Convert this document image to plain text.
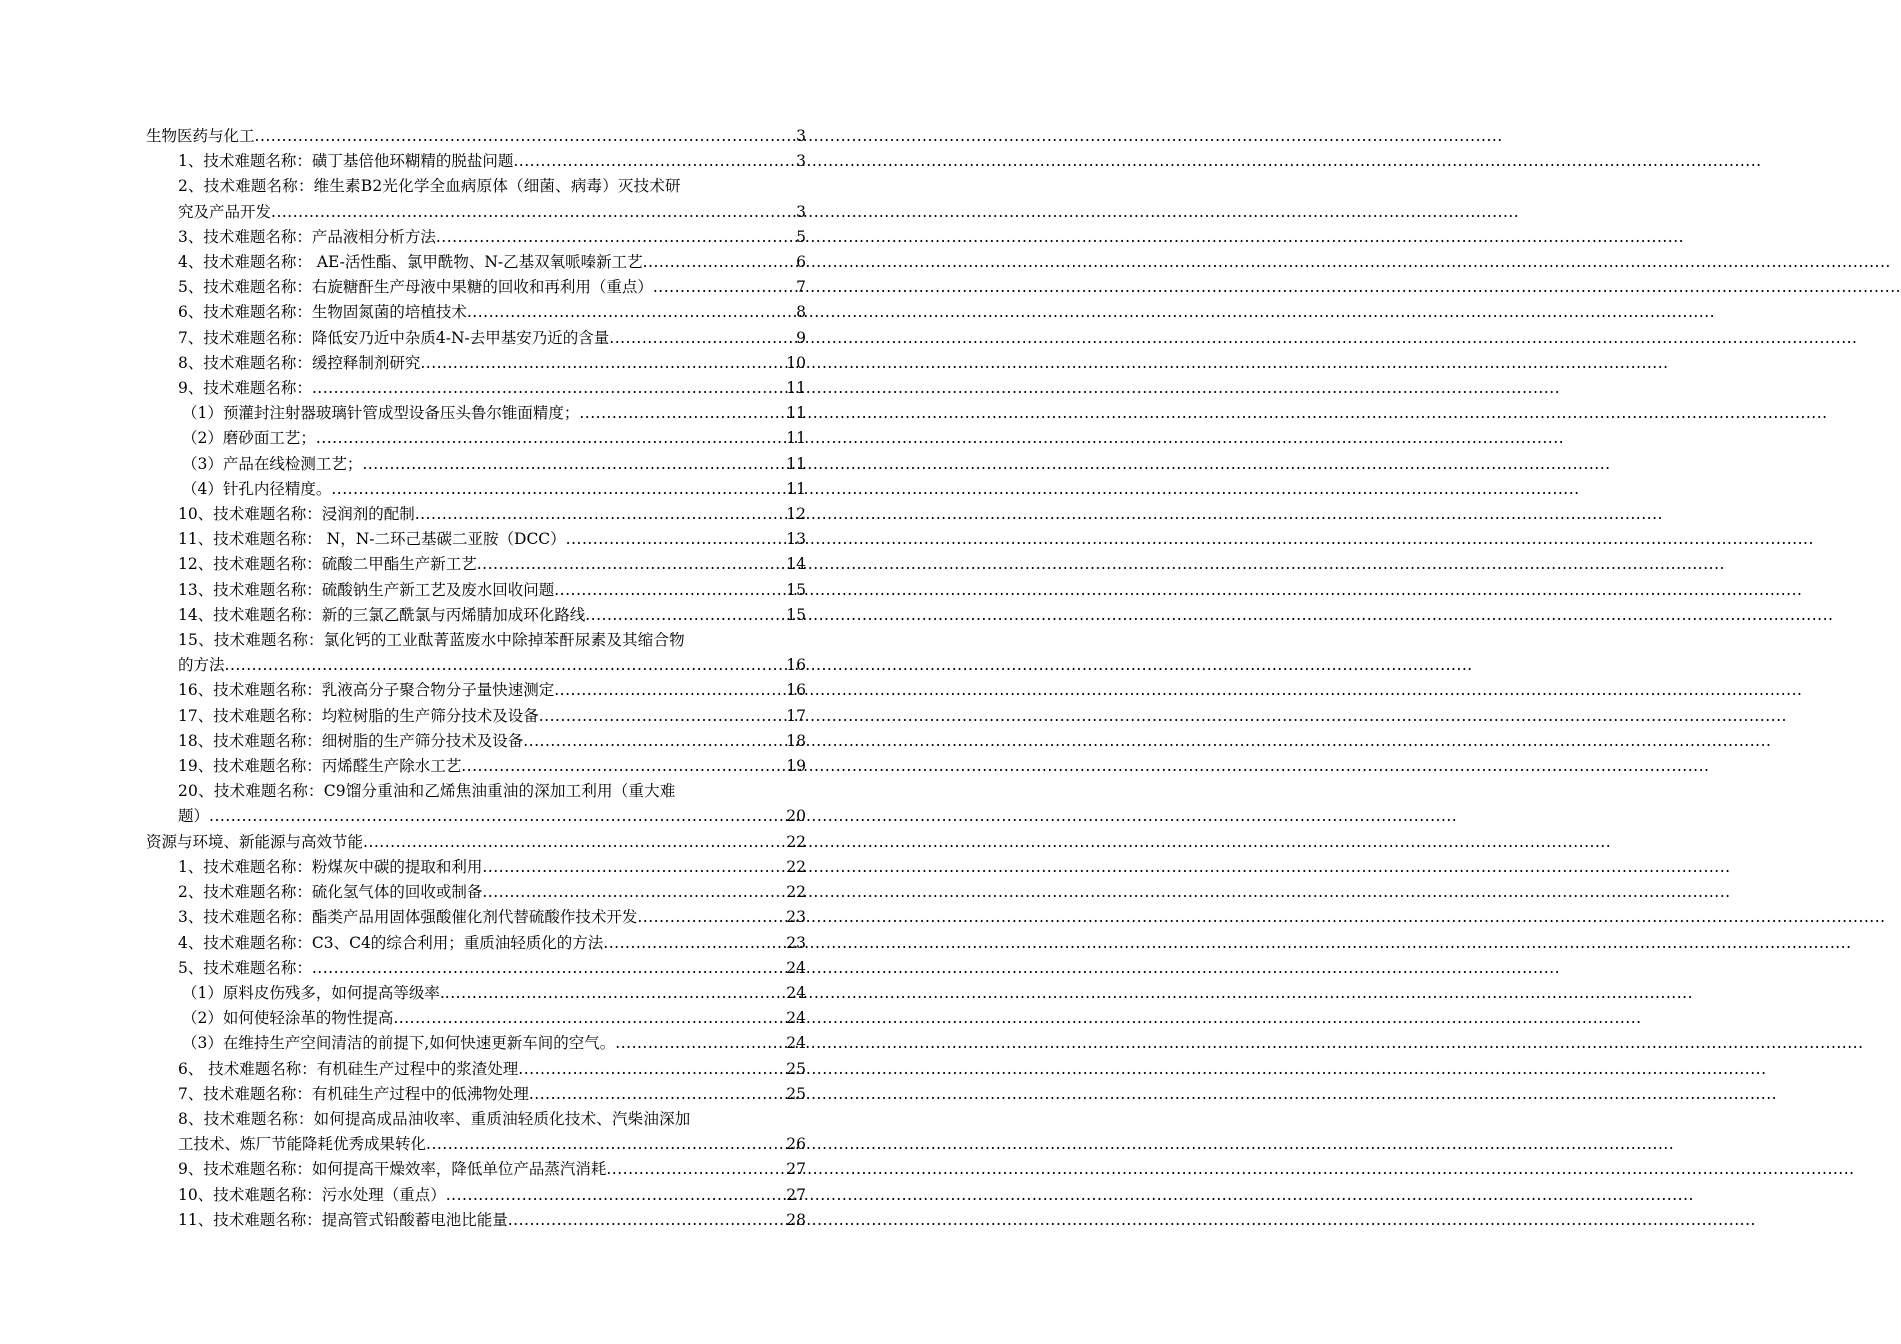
生物医药与化工 .....	3
1、技术难题名称：磺丁基倍他环糊精的脱盐问题 .....	3
2、技术难题名称：维生素B2光化学全血病原体（细菌、病毒）灭技术研
究及产品开发 .....	3
3、技术难题名称：产品液相分析方法 .....	5
4、技术难题名称： AE-活性酯、氯甲酰物、N-乙基双氧哌嗪新工艺 .....	6
5、技术难题名称：右旋糖酐生产母液中果糖的回收和再利用（重点） .....	7
6、技术难题名称：生物固氮菌的培植技术 .....	8
7、技术难题名称：降低安乃近中杂质4-N-去甲基安乃近的含量 .....	9
8、技术难题名称：缓控释制剂研究 .....	10
9、技术难题名称： .....	11
（1）预灌封注射器玻璃针管成型设备压头鲁尔锥面精度； .....	11
（2）磨砂面工艺； .....	11
（3）产品在线检测工艺； .....	11
（4）针孔内径精度。 .....	11
10、技术难题名称：浸润剂的配制 .....	12
11、技术难题名称： N，N-二环己基碳二亚胺（DCC） .....	13
12、技术难题名称：硫酸二甲酯生产新工艺 .....	14
13、技术难题名称：硫酸钠生产新工艺及废水回收问题 .....	15
14、技术难题名称：新的三氯乙酰氯与丙烯腈加成环化路线 .....	15
15、技术难题名称：氯化钙的工业酞菁蓝废水中除掉苯酐尿素及其缩合物
的方法 .....	16
16、技术难题名称：乳液高分子聚合物分子量快速测定 .....	16
17、技术难题名称：均粒树脂的生产筛分技术及设备 .....	17
18、技术难题名称：细树脂的生产筛分技术及设备 .....	18
19、技术难题名称：丙烯醛生产除水工艺 .....	19
20、技术难题名称：C9馏分重油和乙烯焦油重油的深加工利用（重大难
题） .....	20
资源与环境、新能源与高效节能 .....	22
1、技术难题名称：粉煤灰中碳的提取和利用 .....	22
2、技术难题名称：硫化氢气体的回收或制备 .....	22
3、技术难题名称：酯类产品用固体强酸催化剂代替硫酸作技术开发 .....	23
4、技术难题名称：C3、C4的综合利用；重质油轻质化的方法 .....	23
5、技术难题名称： .....	24
（1）原料皮伤残多，如何提高等级率. .....	24
（2）如何使轻涂革的物性提高 .....	24
（3）在维持生产空间清洁的前提下,如何快速更新车间的空气。 .....	24
6、 技术难题名称：有机硅生产过程中的浆渣处理 .....	25
7、技术难题名称：有机硅生产过程中的低沸物处理 .....	25
8、技术难题名称：如何提高成品油收率、重质油轻质化技术、汽柴油深加
工技术、炼厂节能降耗优秀成果转化 .....	26
9、技术难题名称：如何提高干燥效率，降低单位产品蒸汽消耗 .....	27
10、技术难题名称：污水处理（重点） .....	27
11、技术难题名称：提高管式铅酸蓄电池比能量 .....	28
